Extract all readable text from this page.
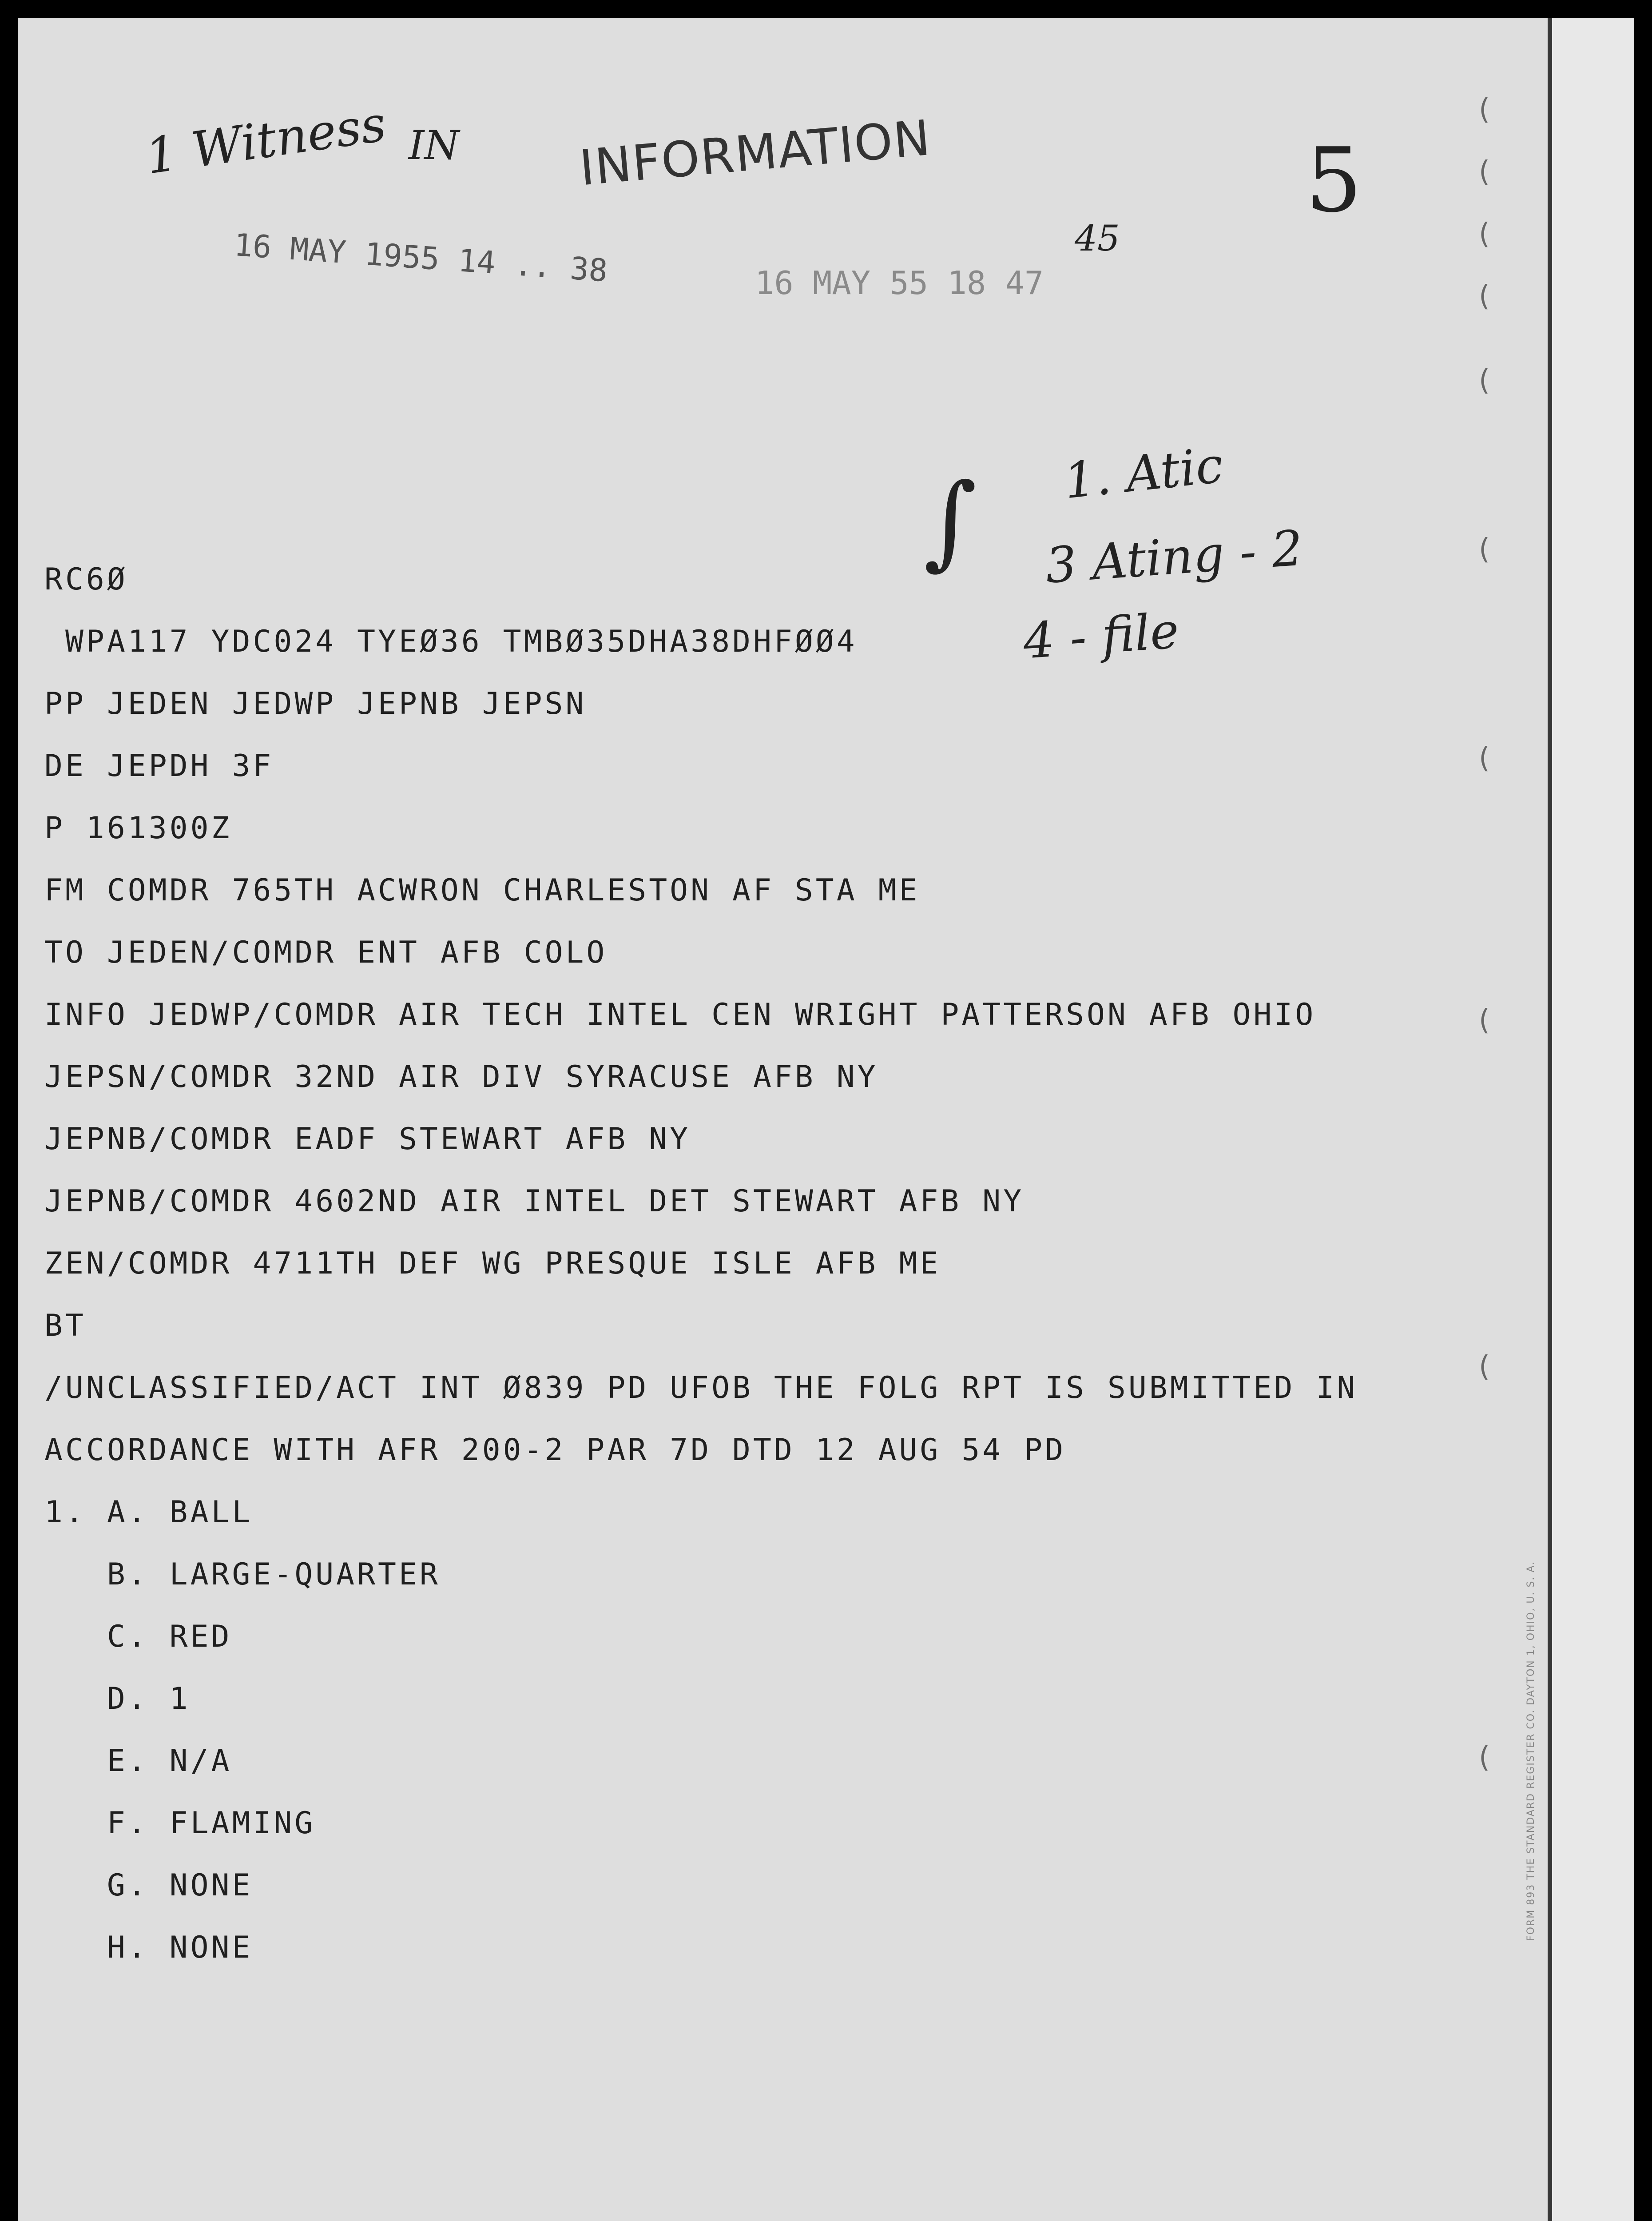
(
(
(
(
(
(
(
(
(
(	FORM 893 THE STANDARD REGISTER CO. DAYTON 1, OHIO, U. S. A.
1 Witness IN INFORMATION
16 MAY 1955 14 .. 38	16 MAY 55 18 47
45
5
∫ 1. Atic
3 Ating - 2
4 - file
RC6Ø
WPA117 YDC024 TYEØ36 TMBØ35DHA38DHFØØ4
PP JEDEN JEDWP JEPNB JEPSN
DE JEPDH 3F
P 161300Z
FM COMDR 765TH ACWRON CHARLESTON AF STA ME
TO JEDEN/COMDR ENT AFB COLO
INFO JEDWP/COMDR AIR TECH INTEL CEN WRIGHT PATTERSON AFB OHIO
JEPSN/COMDR 32ND AIR DIV SYRACUSE AFB NY
JEPNB/COMDR EADF STEWART AFB NY
JEPNB/COMDR 4602ND AIR INTEL DET STEWART AFB NY
ZEN/COMDR 4711TH DEF WG PRESQUE ISLE AFB ME
BT
/UNCLASSIFIED/ACT INT Ø839 PD UFOB THE FOLG RPT IS SUBMITTED IN
ACCORDANCE WITH AFR 200-2 PAR 7D DTD 12 AUG 54 PD
1. A. BALL
B. LARGE-QUARTER
C. RED
D. 1
E. N/A
F. FLAMING
G. NONE
H. NONE
